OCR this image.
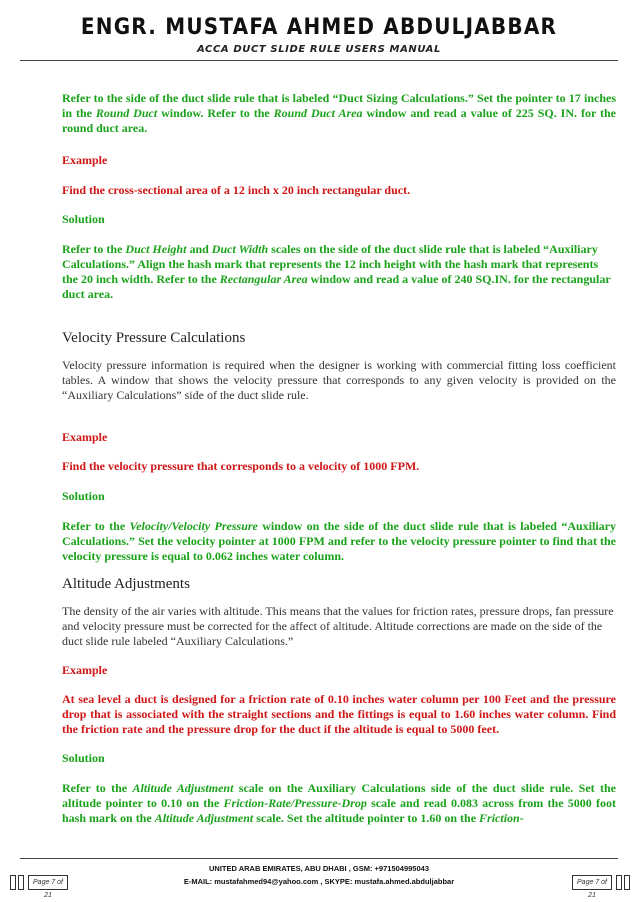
ENGR. MUSTAFA AHMED ABDULJABBAR
ACCA DUCT SLIDE RULE USERS MANUAL

Refer to the side of the duct slide rule that is labeled “Duct Sizing Calculations.” Set the pointer to 17 inches in the Round Duct window. Refer to the Round Duct Area window and read a value of 225 SQ. IN. for the round duct area.

Example

Find the cross-sectional area of a 12 inch x 20 inch rectangular duct.

Solution

Refer to the Duct Height and Duct Width scales on the side of the duct slide rule that is labeled “Auxiliary Calculations.” Align the hash mark that represents the 12 inch height with the hash mark that represents the 20 inch width. Refer to the Rectangular Area window and read a value of 240 SQ.IN. for the rectangular duct area.

Velocity Pressure Calculations

Velocity pressure information is required when the designer is working with commercial fitting loss coefficient tables. A window that shows the velocity pressure that corresponds to any given velocity is provided on the “Auxiliary Calculations” side of the duct slide rule.

Example

Find the velocity pressure that corresponds to a velocity of 1000 FPM.

Solution

Refer to the Velocity/Velocity Pressure window on the side of the duct slide rule that is labeled “Auxiliary Calculations.” Set the velocity pointer at 1000 FPM and refer to the velocity pressure pointer to find that the velocity pressure is equal to 0.062 inches water column.

Altitude Adjustments

The density of the air varies with altitude. This means that the values for friction rates, pressure drops, fan pressure and velocity pressure must be corrected for the affect of altitude. Altitude corrections are made on the side of the duct slide rule labeled “Auxiliary Calculations.”

Example

At sea level a duct is designed for a friction rate of 0.10 inches water column per 100 Feet and the pressure drop that is associated with the straight sections and the fittings is equal to 1.60 inches water column. Find the friction rate and the pressure drop for the duct if the altitude is equal to 5000 feet.

Solution

Refer to the Altitude Adjustment scale on the Auxiliary Calculations side of the duct slide rule. Set the altitude pointer to 0.10 on the Friction-Rate/Pressure-Drop scale and read 0.083 across from the 5000 foot hash mark on the Altitude Adjustment scale. Set the altitude pointer to 1.60 on the Friction-

UNITED ARAB EMIRATES, ABU DHABI , GSM: +971504995043
E-MAIL: mustafahmed94@yahoo.com , SKYPE: mustafa.ahmed.abduljabbar
Page 7 of 21
Page 7 of 21
